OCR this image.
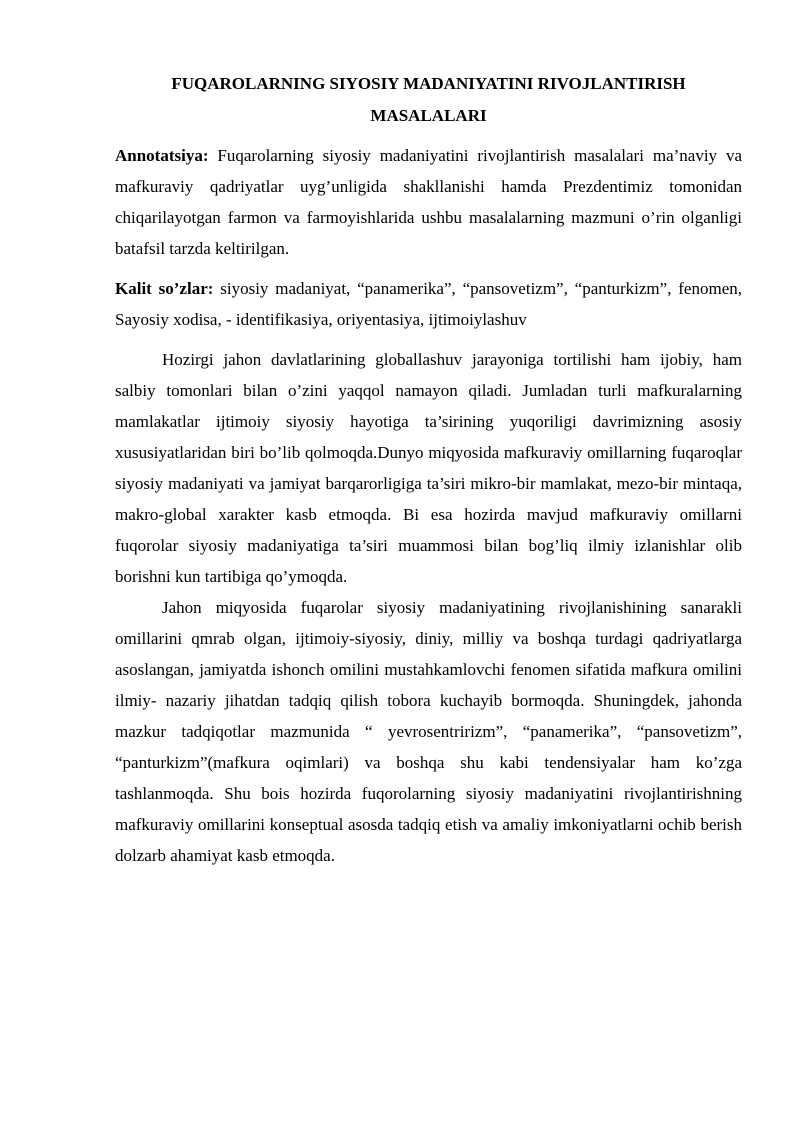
FUQAROLARNING SIYOSIY MADANIYATINI RIVOJLANTIRISH MASALALARI

Annotatsiya: Fuqarolarning siyosiy madaniyatini rivojlantirish masalalari ma’naviy va mafkuraviy qadriyatlar uyg’unligida shakllanishi hamda Prezdentimiz tomonidan chiqarilayotgan farmon va farmoyishlarida ushbu masalalarning mazmuni o’rin olganligi batafsil tarzda keltirilgan.

Kalit so’zlar: siyosiy madaniyat, “panamerika”, “pansovetizm”, “panturkizm”, fenomen, Sayosiy xodisa, - identifikasiya, oriyentasiya, ijtimoiylashuv

Hozirgi jahon davlatlarining globallashuv jarayoniga tortilishi ham ijobiy, ham salbiy tomonlari bilan o’zini yaqqol namayon qiladi. Jumladan turli mafkuralarning mamlakatlar ijtimoiy siyosiy hayotiga ta’sirining yuqoriligi davrimizning asosiy xususiyatlaridan biri bo’lib qolmoqda.Dunyo miqyosida mafkuraviy omillarning fuqaroqlar siyosiy madaniyati va jamiyat barqarorligiga ta’siri mikro-bir mamlakat, mezo-bir mintaqa, makro-global xarakter kasb etmoqda. Bi esa hozirda mavjud mafkuraviy omillarni fuqorolar siyosiy madaniyatiga ta’siri muammosi bilan bog’liq ilmiy izlanishlar olib borishni kun tartibiga qo’ymoqda.

Jahon miqyosida fuqarolar siyosiy madaniyatining rivojlanishining sanarakli omillarini qmrab olgan, ijtimoiy-siyosiy, diniy, milliy va boshqa turdagi qadriyatlarga asoslangan, jamiyatda ishonch omilini mustahkamlovchi fenomen sifatida mafkura omilini ilmiy- nazariy jihatdan tadqiq qilish tobora kuchayib bormoqda. Shuningdek, jahonda mazkur tadqiqotlar mazmunida “ yevrosentririzm”, “panamerika”, “pansovetizm”, “panturkizm”(mafkura oqimlari) va boshqa shu kabi tendensiyalar ham ko’zga tashlanmoqda. Shu bois hozirda fuqorolarning siyosiy madaniyatini rivojlantirishning mafkuraviy omillarini konseptual asosda tadqiq etish va amaliy imkoniyatlarni ochib berish dolzarb ahamiyat kasb etmoqda.
